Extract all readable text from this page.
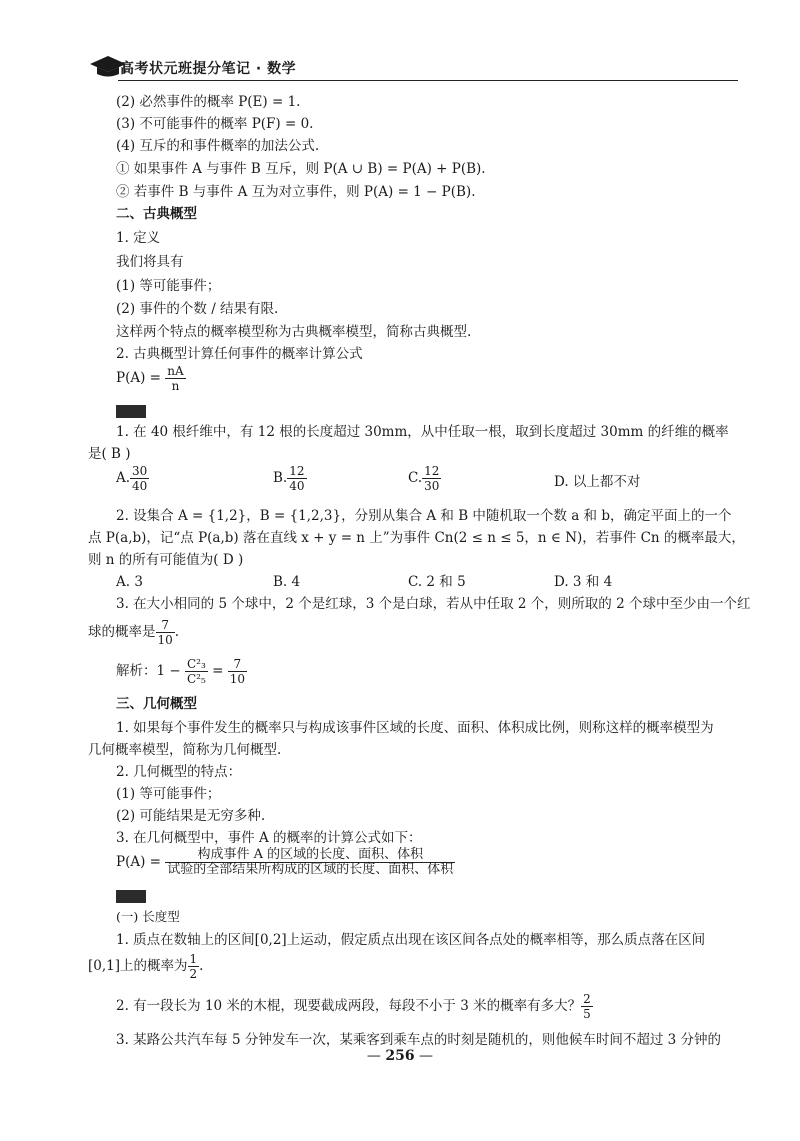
高考状元班提分笔记 · 数学
(2) 必然事件的概率 P(E) = 1.
(3) 不可能事件的概率 P(F) = 0.
(4) 互斥的和事件概率的加法公式.
① 如果事件 A 与事件 B 互斥，则 P(A ∪ B) = P(A) + P(B).
② 若事件 B 与事件 A 互为对立事件，则 P(A) = 1 − P(B).
二、古典概型
1. 定义
我们将具有
(1) 等可能事件；
(2) 事件的个数 / 结果有限.
这样两个特点的概率模型称为古典概率模型，简称古典概型.
2. 古典概型计算任何事件的概率计算公式
$P(A) = \frac{nA}{n}$
1. 在 40 根纤维中，有 12 根的长度超过 30mm，从中任取一根，取到长度超过 30mm 的纤维的概率
是( B )
A. $\frac{30}{40}$	B. $\frac{12}{40}$	C. $\frac{12}{30}$	D. 以上都不对
2. 设集合 A = {1,2}，B = {1,2,3}，分别从集合 A 和 B 中随机取一个数 a 和 b，确定平面上的一个
点 P(a,b)，记“点 P(a,b) 落在直线 x + y = n 上”为事件 Cn(2 ≤ n ≤ 5，n ∈ N)，若事件 Cn 的概率最大，
则 n 的所有可能值为( D )
A. 3	B. 4	C. 2 和 5	D. 3 和 4
3. 在大小相同的 5 个球中，2 个是红球，3 个是白球，若从中任取 2 个，则所取的 2 个球中至少由一个红
球的概率是 $\frac{7}{10}$ .
解析：$1 - \frac{\text{C²₃}}{\text{C²₅}} = \frac{7}{10}$
三、几何概型
1. 如果每个事件发生的概率只与构成该事件区域的长度、面积、体积成比例，则称这样的概率模型为
几何概率模型，简称为几何概型.
2. 几何概型的特点：
(1) 等可能事件；
(2) 可能结果是无穷多种.
3. 在几何概型中，事件 A 的概率的计算公式如下：
$P(A) = \frac{\text{构成事件 A 的区域的长度、面积、体积}}{\text{试验的全部结果所构成的区域的长度、面积、体积}}$
(一) 长度型
1. 质点在数轴上的区间[0,2]上运动，假定质点出现在该区间各点处的概率相等，那么质点落在区间
[0,1]上的概率为 $\frac{1}{2}$ .
2. 有一段长为 10 米的木棍，现要截成两段，每段不小于 3 米的概率有多大？ $\frac{2}{5}$
3. 某路公共汽车每 5 分钟发车一次，某乘客到乘车点的时刻是随机的，则他候车时间不超过 3 分钟的
— 256 —
